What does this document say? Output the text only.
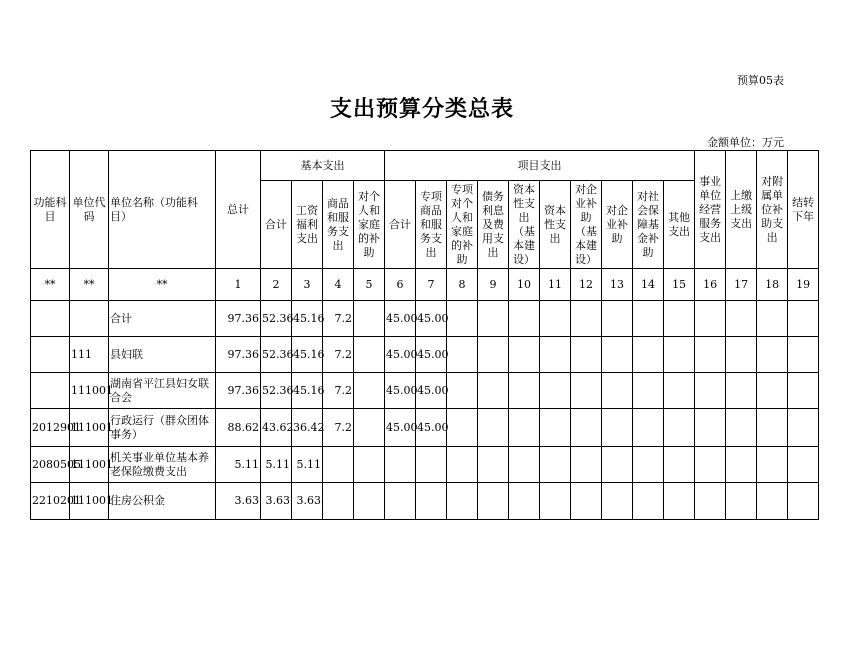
预算05表
支出预算分类总表
金额单位：万元
功能科目	单位代码	单位名称（功能科目）	总计	基本支出				项目支出										事业单位经营服务支出	上缴上级支出	对附属单位补助支出	结转下年
				合计	工资福利支出	商品和服务支出	对个人和家庭的补助	合计	专项商品和服务支出	专项对个人和家庭的补助	债务利息及费用支出	资本性支出（基本建设）	资本性支出	对企业补助（基本建设）	对企业补助	对社会保障基金补助	其他支出				
**	**	**	1	2	3	4	5	6	7	8	9	10	11	12	13	14	15	16	17	18	19
		合计	97.36	52.36	45.16	7.2		45.00	45.00												
	111	县妇联	97.36	52.36	45.16	7.2		45.00	45.00												
	111001	湖南省平江县妇女联合会	97.36	52.36	45.16	7.2		45.00	45.00												
2012901	111001	行政运行（群众团体事务）	88.62	43.62	36.42	7.2		45.00	45.00												
2080505	111001	机关事业单位基本养老保险缴费支出	5.11	5.11	5.11																
2210201	111001	住房公积金	3.63	3.63	3.63																
